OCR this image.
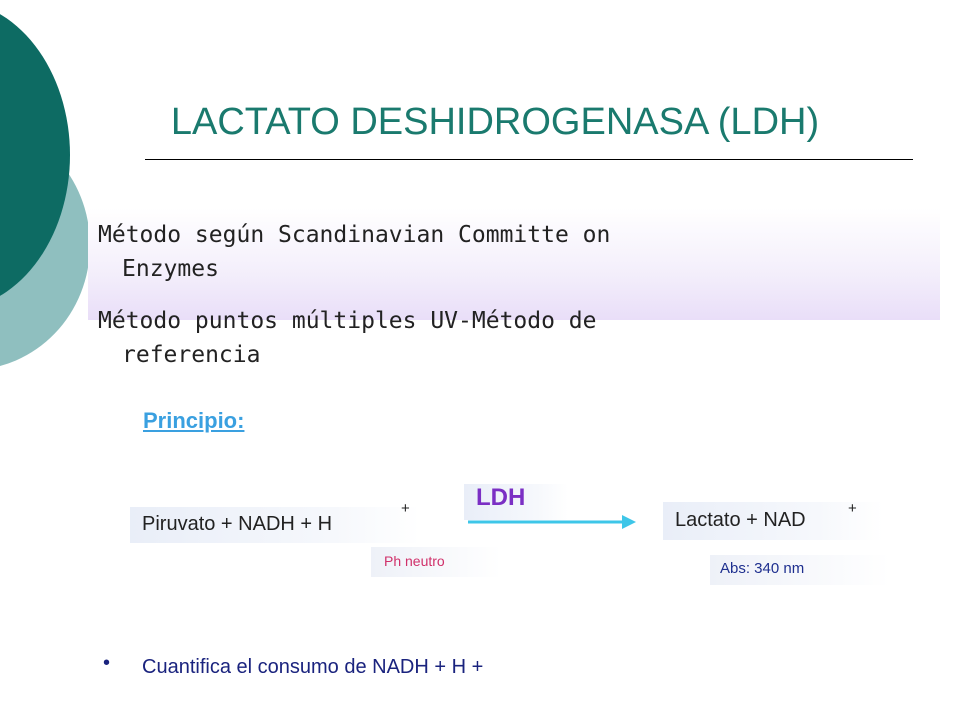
LACTATO DESHIDROGENASA (LDH)
Método según Scandinavian Committe on
Enzymes
Método puntos múltiples UV-Método de
referencia
Principio:
Piruvato + NADH + H
+	LDH
Lactato + NAD
+
Ph neutro	Abs: 340 nm
• Cuantifica el consumo de NADH + H +
